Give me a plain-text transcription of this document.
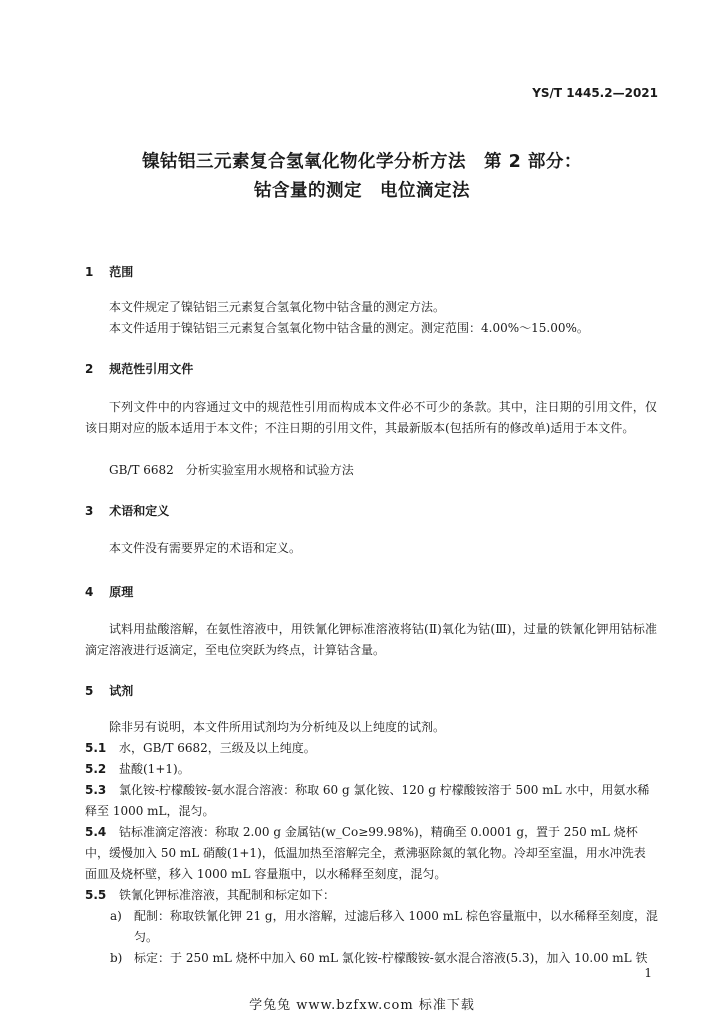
YS/T 1445.2—2021
镍钴铝三元素复合氢氧化物化学分析方法　第 2 部分：
钴含量的测定　电位滴定法
1 范围

本文件规定了镍钴铝三元素复合氢氧化物中钴含量的测定方法。

本文件适用于镍钴铝三元素复合氢氧化物中钴含量的测定。测定范围：4.00%～15.00%。

2 规范性引用文件

下列文件中的内容通过文中的规范性引用而构成本文件必不可少的条款。其中，注日期的引用文件，仅该日期对应的版本适用于本文件；不注日期的引用文件，其最新版本(包括所有的修改单)适用于本文件。

GB/T 6682　分析实验室用水规格和试验方法

3 术语和定义

本文件没有需要界定的术语和定义。

4 原理

试料用盐酸溶解，在氨性溶液中，用铁氰化钾标准溶液将钴(Ⅱ)氧化为钴(Ⅲ)，过量的铁氰化钾用钴标准滴定溶液进行返滴定，至电位突跃为终点，计算钴含量。

5 试剂

除非另有说明，本文件所用试剂均为分析纯及以上纯度的试剂。

5.1 水，GB/T 6682，三级及以上纯度。

5.2 盐酸(1+1)。

5.3 氯化铵-柠檬酸铵-氨水混合溶液：称取 60 g 氯化铵、120 g 柠檬酸铵溶于 500 mL 水中，用氨水稀释至 1000 mL，混匀。

5.4 钴标准滴定溶液：称取 2.00 g 金属钴(w_Co≥99.98%)，精确至 0.0001 g，置于 250 mL 烧杯中，缓慢加入 50 mL 硝酸(1+1)，低温加热至溶解完全，煮沸驱除氮的氧化物。冷却至室温，用水冲洗表面皿及烧杯壁，移入 1000 mL 容量瓶中，以水稀释至刻度，混匀。

5.5 铁氰化钾标准溶液，其配制和标定如下：

a) 配制：称取铁氰化钾 21 g，用水溶解，过滤后移入 1000 mL 棕色容量瓶中，以水稀释至刻度，混匀。

b) 标定：于 250 mL 烧杯中加入 60 mL 氯化铵-柠檬酸铵-氨水混合溶液(5.3)，加入 10.00 mL 铁

1
学兔兔 www.bzfxw.com 标准下载
